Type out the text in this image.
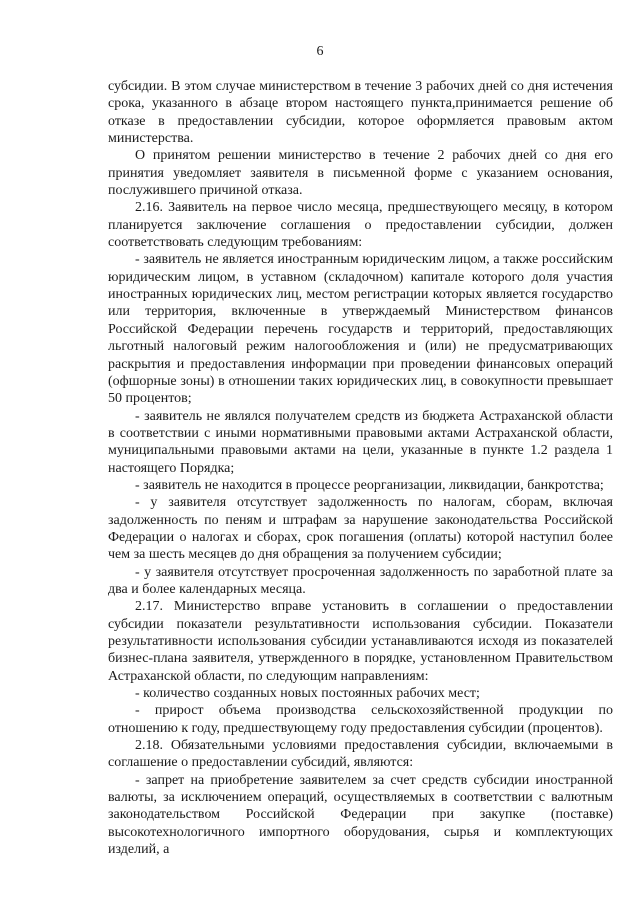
6

субсидии. В этом случае министерством в течение 3 рабочих дней со дня истечения срока, указанного в абзаце втором настоящего пункта,принимается решение об отказе в предоставлении субсидии, которое оформляется правовым актом министерства.

О принятом решении министерство в течение 2 рабочих дней со дня его принятия уведомляет заявителя в письменной форме с указанием основания, послужившего причиной отказа.

2.16. Заявитель на первое число месяца, предшествующего месяцу, в котором планируется заключение соглашения о предоставлении субсидии, должен соответствовать следующим требованиям:

- заявитель не является иностранным юридическим лицом, а также российским юридическим лицом, в уставном (складочном) капитале которого доля участия иностранных юридических лиц, местом регистрации которых является государство или территория, включенные в утверждаемый Министерством финансов Российской Федерации перечень государств и территорий, предоставляющих льготный налоговый режим налогообложения и (или) не предусматривающих раскрытия и предоставления информации при проведении финансовых операций (офшорные зоны) в отношении таких юридических лиц, в совокупности превышает 50 процентов;

- заявитель не являлся получателем средств из бюджета Астраханской области в соответствии с иными нормативными правовыми актами Астраханской области, муниципальными правовыми актами на цели, указанные в пункте 1.2 раздела 1 настоящего Порядка;

- заявитель не находится в процессе реорганизации, ликвидации, банкротства;

- у заявителя отсутствует задолженность по налогам, сборам, включая задолженность по пеням и штрафам за нарушение законодательства Российской Федерации о налогах и сборах, срок погашения (оплаты) которой наступил более чем за шесть месяцев до дня обращения за получением субсидии;

- у заявителя отсутствует просроченная задолженность по заработной плате за два и более календарных месяца.

2.17. Министерство вправе установить в соглашении о предоставлении субсидии показатели результативности использования субсидии. Показатели результативности использования субсидии устанавливаются исходя из показателей бизнес-плана заявителя, утвержденного в порядке, установленном Правительством Астраханской области, по следующим направлениям:

- количество созданных новых постоянных рабочих мест;

- прирост объема производства сельскохозяйственной продукции по отношению к году, предшествующему году предоставления субсидии (процентов).

2.18. Обязательными условиями предоставления субсидии, включаемыми в соглашение о предоставлении субсидий, являются:

- запрет на приобретение заявителем за счет средств субсидии иностранной валюты, за исключением операций, осуществляемых в соответствии с валютным законодательством Российской Федерации при закупке (поставке) высокотехнологичного импортного оборудования, сырья и комплектующих изделий, а
